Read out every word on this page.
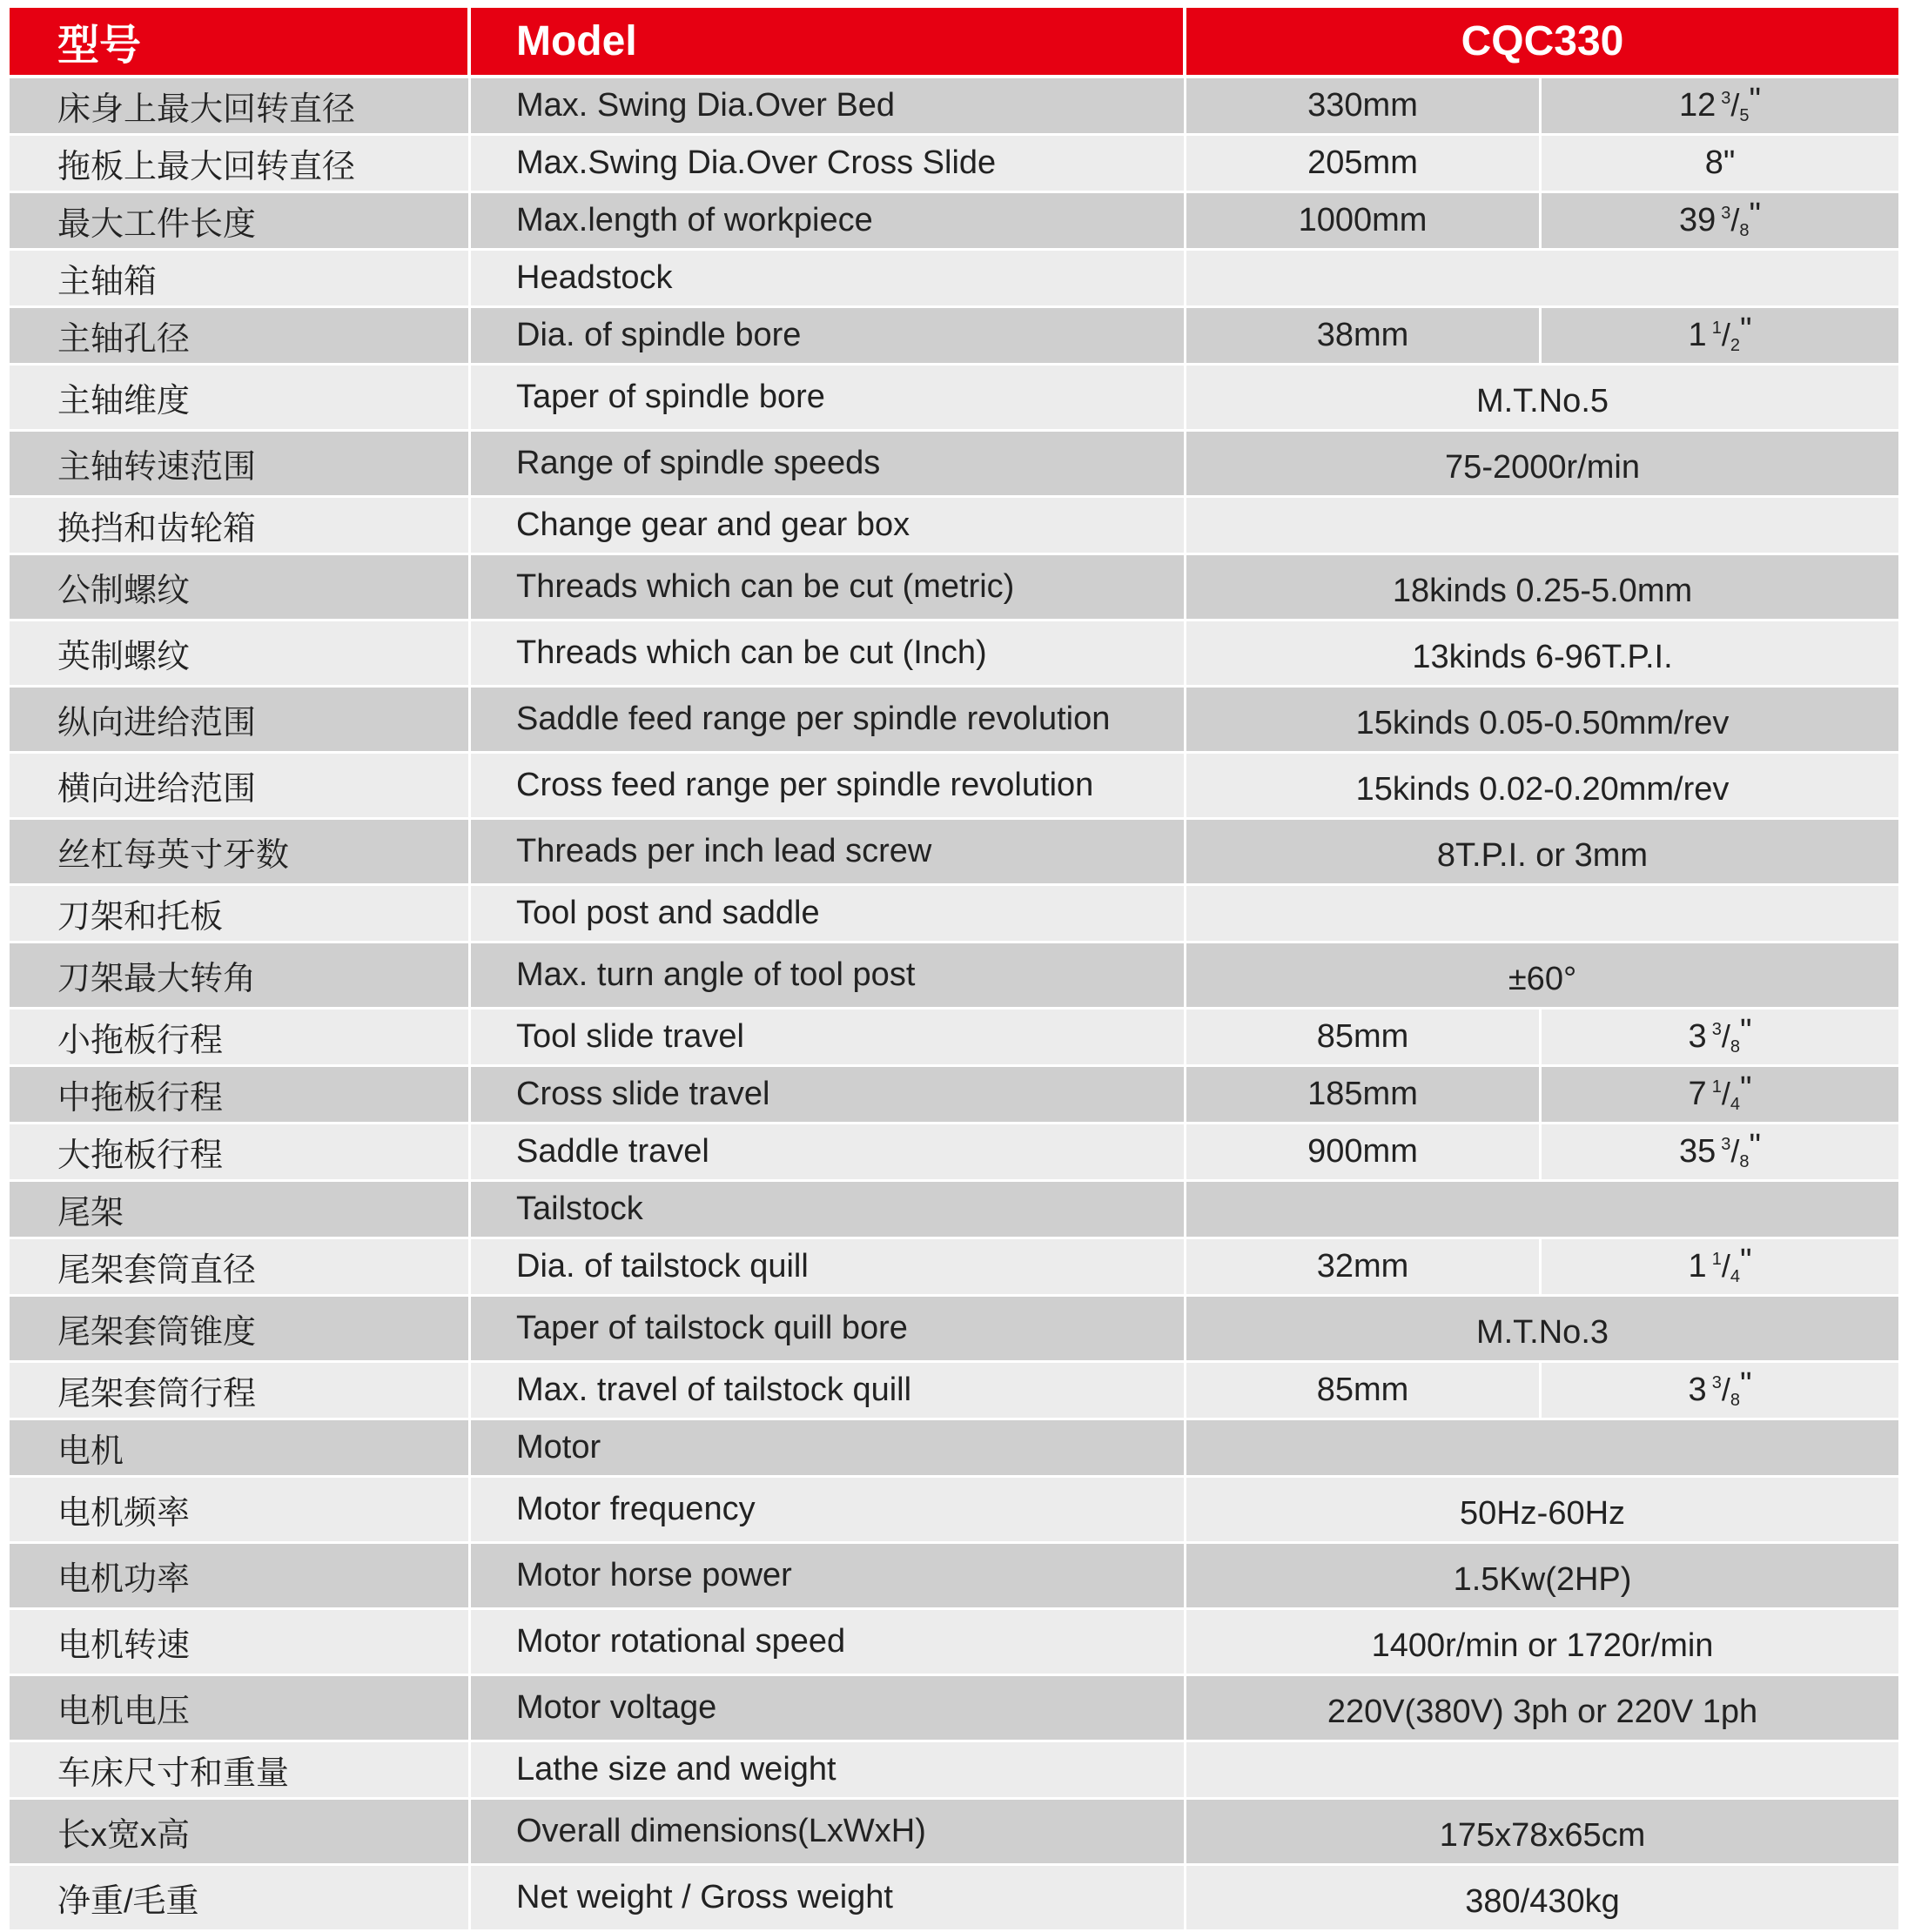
型号	Model	CQC330	
床身上最大回转直径	Max. Swing Dia.Over Bed	330mm	12 $^3/_5$"
拖板上最大回转直径	Max.Swing Dia.Over Cross Slide	205mm	8"
最大工件长度	Max.length of workpiece	1000mm	39 $^3/_8$"
主轴箱	Headstock		
主轴孔径	Dia. of spindle bore	38mm	1 $^1/_2$"
主轴维度	Taper of spindle bore	M.T.No.5	
主轴转速范围	Range of spindle speeds	75-2000r/min	
换挡和齿轮箱	Change gear and gear box		
公制螺纹	Threads which can be cut (metric)	18kinds 0.25-5.0mm	
英制螺纹	Threads which can be cut (Inch)	13kinds 6-96T.P.I.	
纵向进给范围	Saddle feed range per spindle revolution	15kinds 0.05-0.50mm/rev	
横向进给范围	Cross feed range per spindle revolution	15kinds 0.02-0.20mm/rev	
丝杠每英寸牙数	Threads per inch lead screw	8T.P.I. or 3mm	
刀架和托板	Tool post and saddle		
刀架最大转角	Max. turn angle of tool post	±60°	
小拖板行程	Tool slide travel	85mm	3 $^3/_8$"
中拖板行程	Cross slide travel	185mm	7 $^1/_4$"
大拖板行程	Saddle travel	900mm	35 $^3/_8$"
尾架	Tailstock		
尾架套筒直径	Dia. of tailstock quill	32mm	1 $^1/_4$"
尾架套筒锥度	Taper of tailstock quill bore	M.T.No.3	
尾架套筒行程	Max. travel of tailstock quill	85mm	3 $^3/_8$"
电机	Motor		
电机频率	Motor frequency	50Hz-60Hz	
电机功率	Motor horse power	1.5Kw(2HP)	
电机转速	Motor rotational speed	1400r/min or 1720r/min	
电机电压	Motor voltage	220V(380V) 3ph or 220V 1ph	
车床尺寸和重量	Lathe size and weight		
长x宽x高	Overall dimensions(LxWxH)	175x78x65cm	
净重/毛重	Net weight / Gross weight	380/430kg	
